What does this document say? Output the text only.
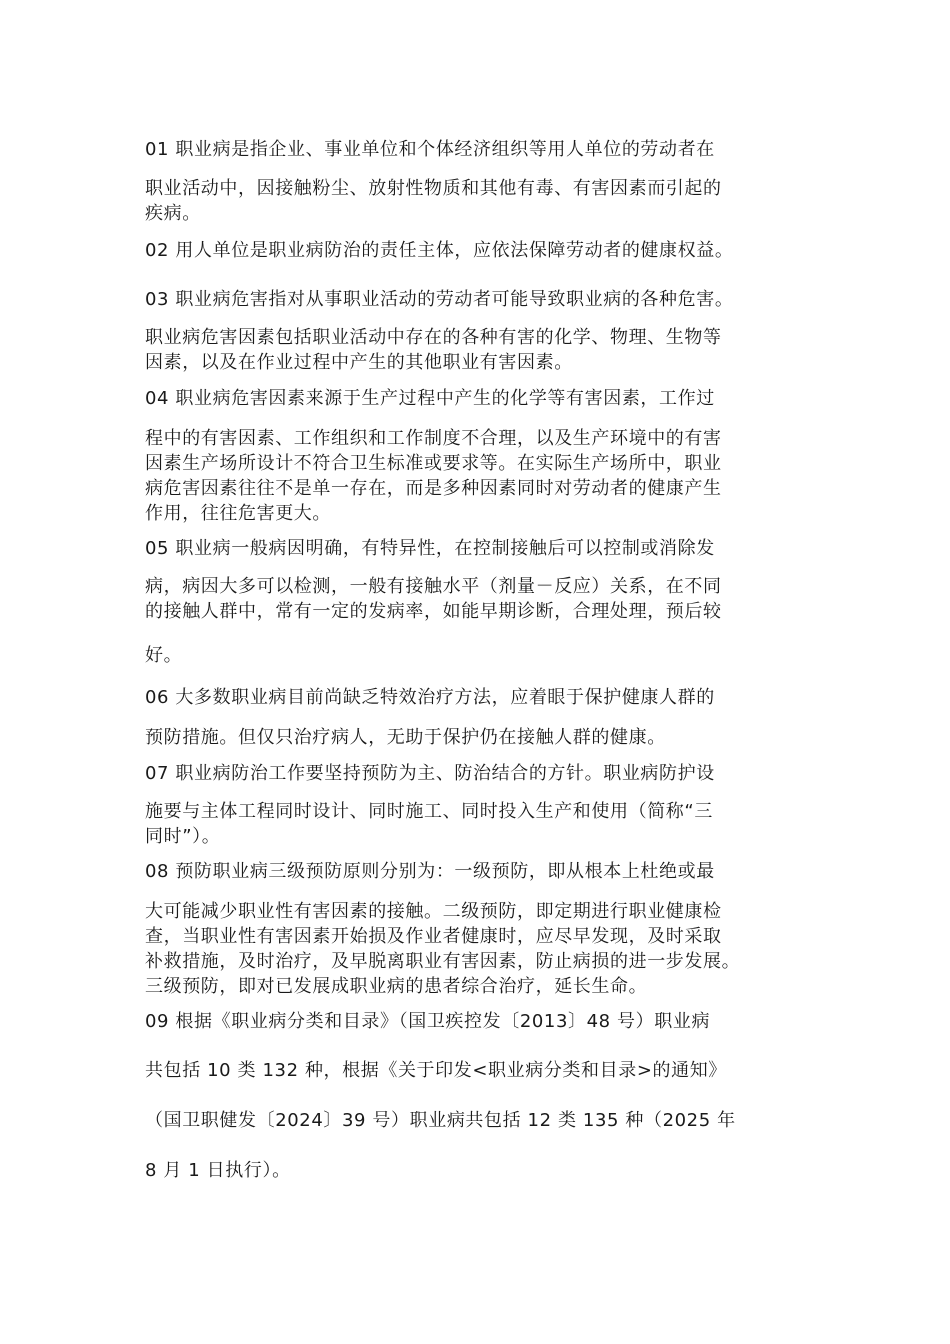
01 职业病是指企业、事业单位和个体经济组织等用人单位的劳动者在

职业活动中，因接触粉尘、放射性物质和其他有毒、有害因素而引起的

疾病。

02 用人单位是职业病防治的责任主体，应依法保障劳动者的健康权益。

03 职业病危害指对从事职业活动的劳动者可能导致职业病的各种危害。

职业病危害因素包括职业活动中存在的各种有害的化学、物理、生物等

因素，以及在作业过程中产生的其他职业有害因素。

04 职业病危害因素来源于生产过程中产生的化学等有害因素，工作过

程中的有害因素、工作组织和工作制度不合理，以及生产环境中的有害

因素生产场所设计不符合卫生标准或要求等。在实际生产场所中，职业

病危害因素往往不是单一存在，而是多种因素同时对劳动者的健康产生

作用，往往危害更大。

05 职业病一般病因明确，有特异性，在控制接触后可以控制或消除发

病，病因大多可以检测，一般有接触水平（剂量－反应）关系，在不同

的接触人群中，常有一定的发病率，如能早期诊断，合理处理，预后较

好。

06 大多数职业病目前尚缺乏特效治疗方法，应着眼于保护健康人群的

预防措施。但仅只治疗病人，无助于保护仍在接触人群的健康。

07 职业病防治工作要坚持预防为主、防治结合的方针。职业病防护设

施要与主体工程同时设计、同时施工、同时投入生产和使用（简称“三

同时”）。

08 预防职业病三级预防原则分别为：一级预防，即从根本上杜绝或最

大可能减少职业性有害因素的接触。二级预防，即定期进行职业健康检

查，当职业性有害因素开始损及作业者健康时，应尽早发现，及时采取

补救措施，及时治疗，及早脱离职业有害因素，防止病损的进一步发展。

三级预防，即对已发展成职业病的患者综合治疗，延长生命。

09 根据《职业病分类和目录》（国卫疾控发〔2013〕48 号）职业病

共包括 10 类 132 种，根据《关于印发<职业病分类和目录>的通知》

（国卫职健发〔2024〕39 号）职业病共包括 12 类 135 种（2025 年

8 月 1 日执行）。
